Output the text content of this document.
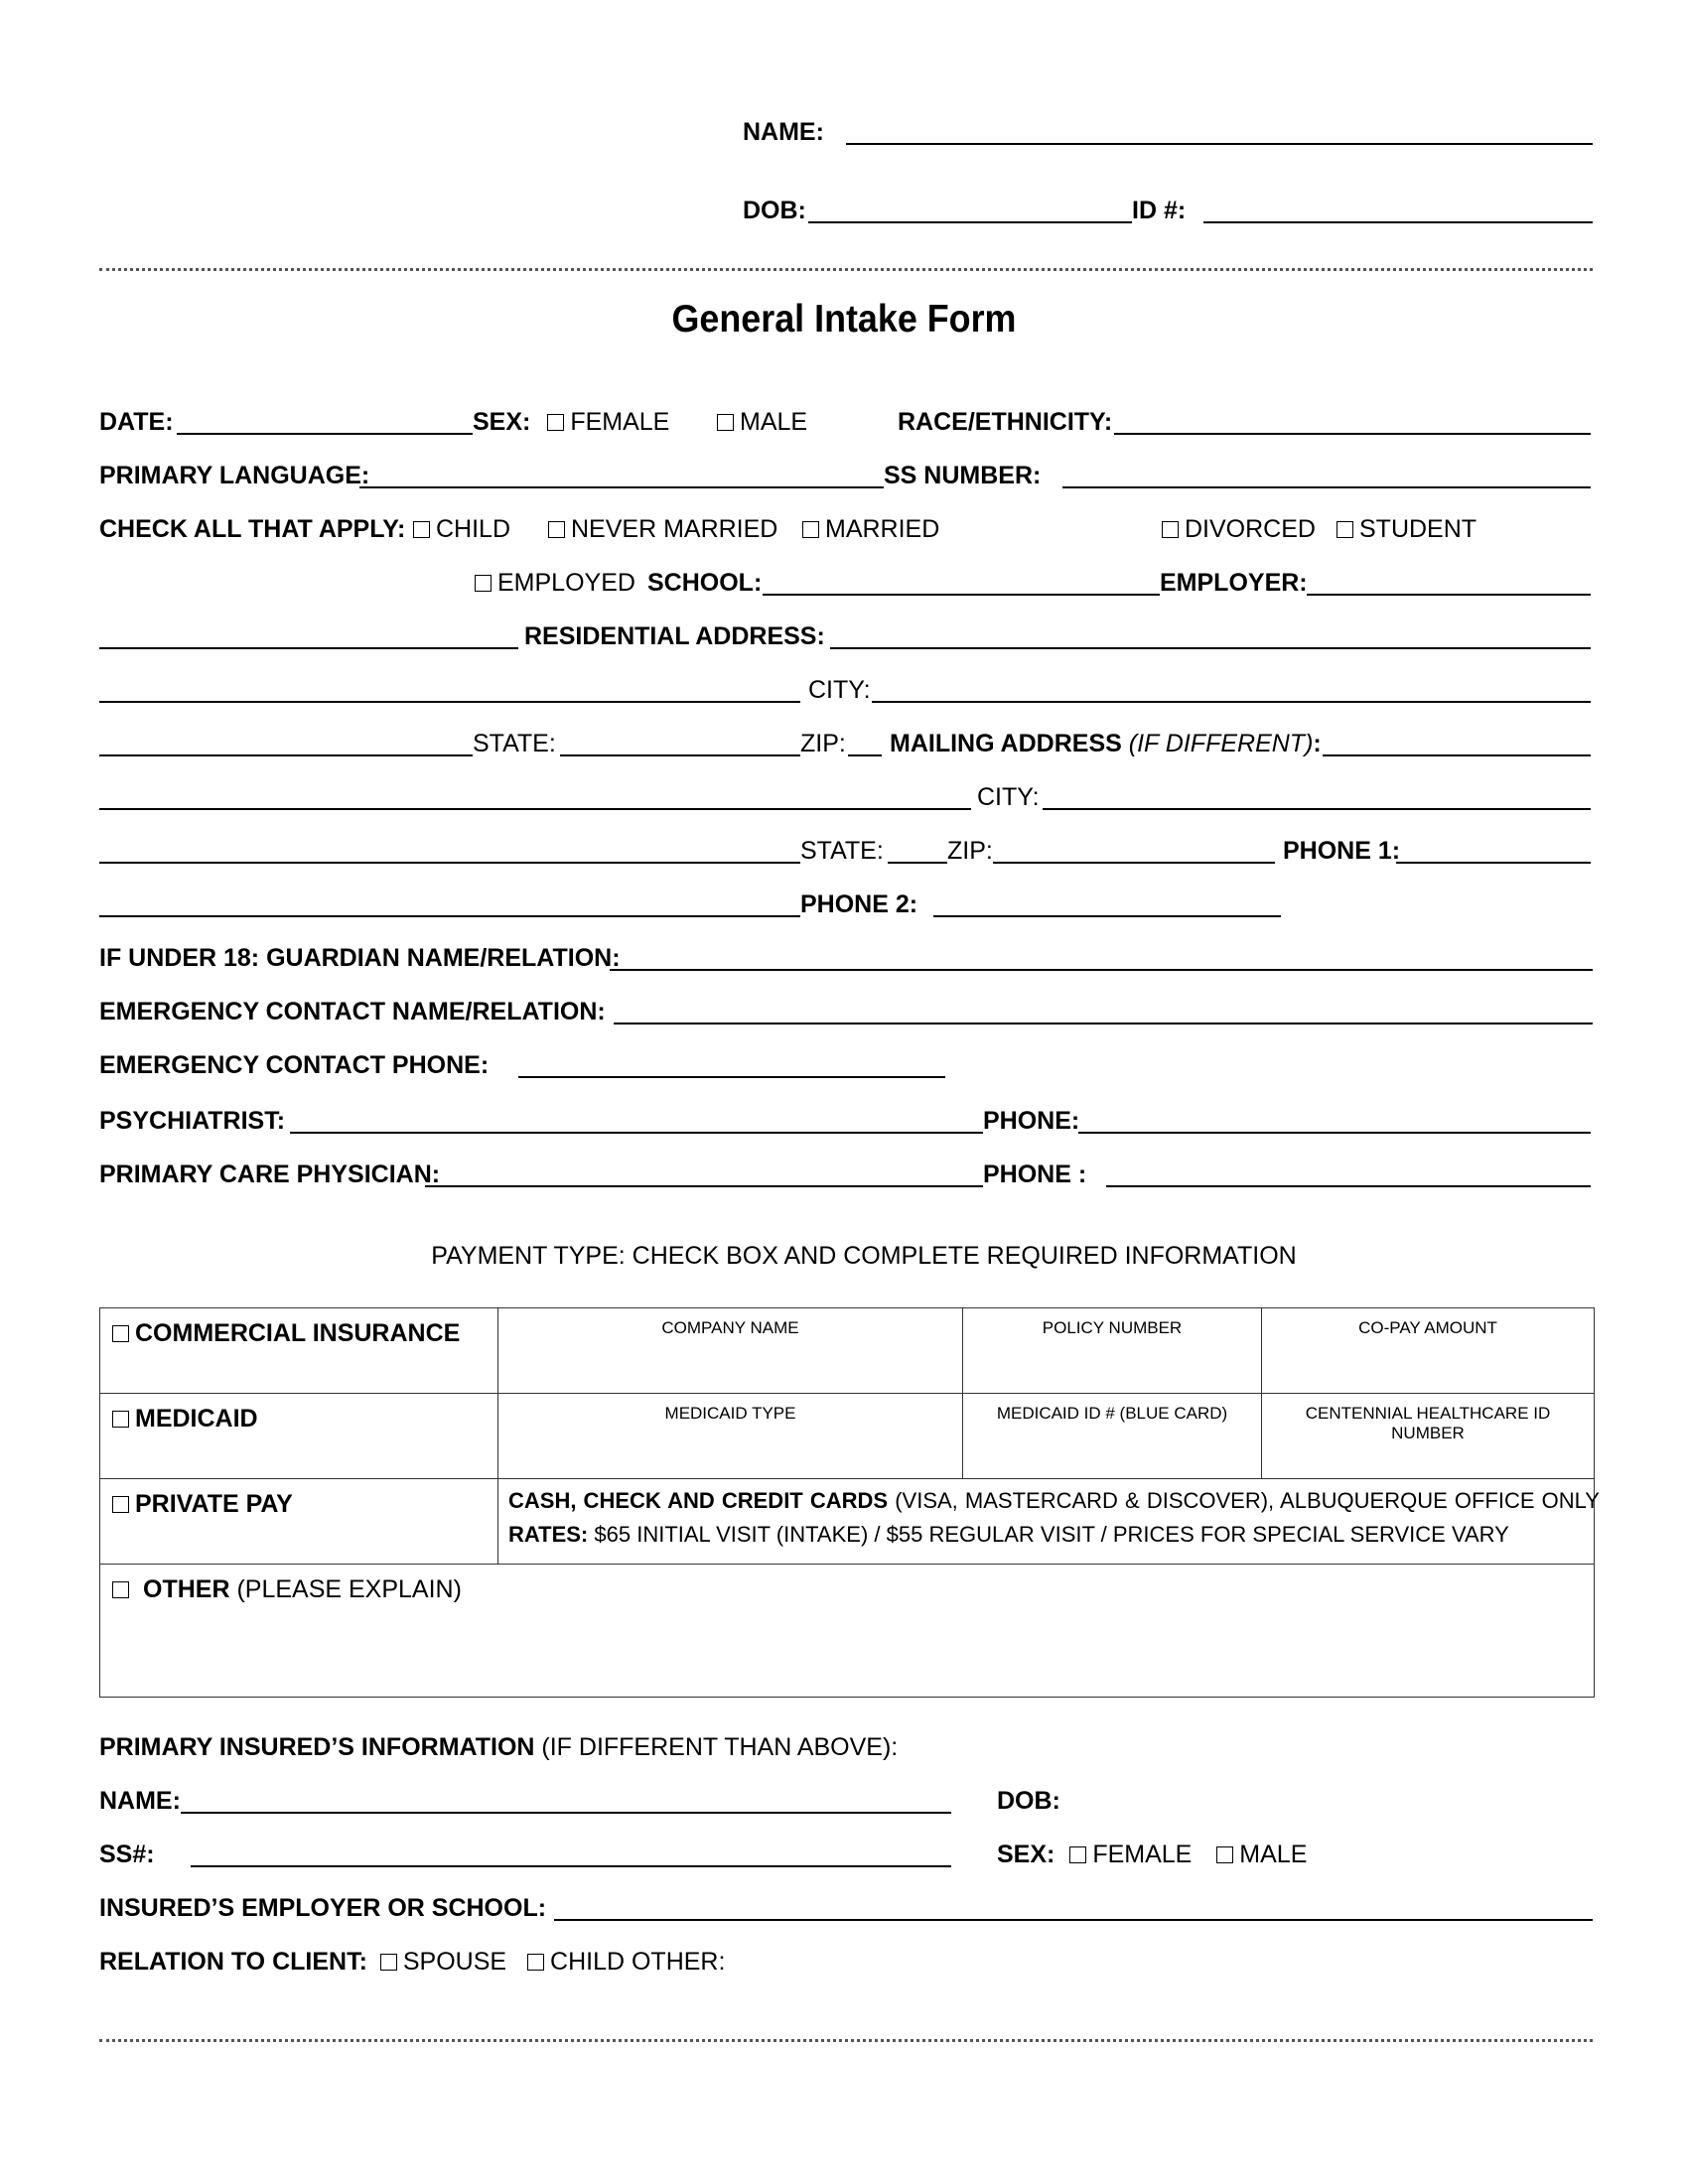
NAME:
DOB:	ID #:
General Intake Form
DATE:	SEX: FEMALE	MALE	RACE/ETHNICITY:
PRIMARY LANGUAGE:	SS NUMBER:
CHECK ALL THAT APPLY:	CHILD	NEVER MARRIED	MARRIED	DIVORCED	STUDENT
EMPLOYED SCHOOL:	EMPLOYER:
RESIDENTIAL ADDRESS:
CITY:
STATE:	ZIP: MAILING ADDRESS (IF DIFFERENT):
CITY:
STATE:	ZIP:	PHONE 1:
PHONE 2:
IF UNDER 18: GUARDIAN NAME/RELATION:
EMERGENCY CONTACT NAME/RELATION:
EMERGENCY CONTACT PHONE:
PSYCHIATRIST:	PHONE:
PRIMARY CARE PHYSICIAN:	PHONE :
PAYMENT TYPE: CHECK BOX AND COMPLETE REQUIRED INFORMATION
COMMERCIAL INSURANCE	COMPANY NAME	POLICY NUMBER	CO-PAY AMOUNT

MEDICAID	MEDICAID TYPE	MEDICAID ID # (BLUE CARD)	CENTENNIAL HEALTHCARE ID NUMBER

PRIVATE PAY	CASH, CHECK AND CREDIT CARDS (VISA, MASTERCARD & DISCOVER), ALBUQUERQUE OFFICE ONLY
RATES: $65 INITIAL VISIT (INTAKE) / $55 REGULAR VISIT / PRICES FOR SPECIAL SERVICE VARY		

OTHER (PLEASE EXPLAIN)			
PRIMARY INSURED’S INFORMATION (IF DIFFERENT THAN ABOVE):
NAME:	DOB:
SS#:	SEX: FEMALE MALE
INSURED’S EMPLOYER OR SCHOOL:
RELATION TO CLIENT: SPOUSE CHILD OTHER:
